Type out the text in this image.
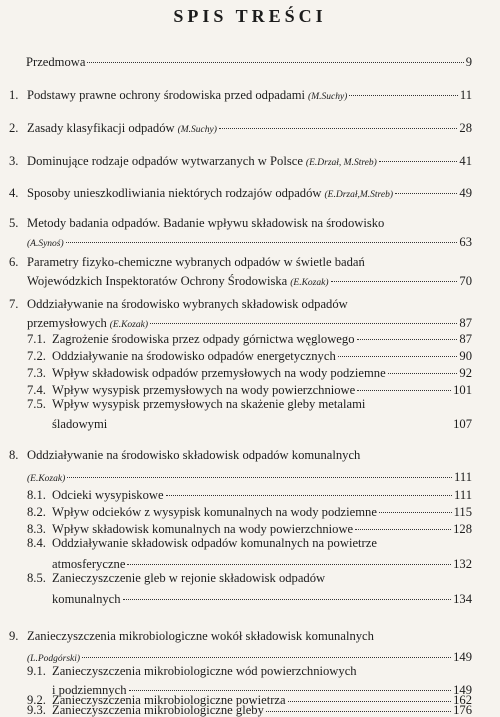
SPIS TREŚCI
Przedmowa	9
1. Podstawy prawne ochrony środowiska przed odpadami (M.Suchy)	11
2. Zasady klasyfikacji odpadów (M.Suchy)	28
3. Dominujące rodzaje odpadów wytwarzanych w Polsce (E.Drzał, M.Streb)	41
4. Sposoby unieszkodliwiania niektórych rodzajów odpadów (E.Drzał,M.Streb)	49
5. Metody badania odpadów. Badanie wpływu składowisk na środowisko
(A.Synoś)	63
6. Parametry fizyko-chemiczne wybranych odpadów w świetle badań
Wojewódzkich Inspektoratów Ochrony Środowiska (E.Kozak)	70
7. Oddziaływanie na środowisko wybranych składowisk odpadów
przemysłowych (E.Kozak)	87
7.1. Zagrożenie środowiska przez odpady górnictwa węglowego	87
7.2. Oddziaływanie na środowisko odpadów energetycznych	90
7.3. Wpływ składowisk odpadów przemysłowych na wody podziemne	92
7.4. Wpływ wysypisk przemysłowych na wody powierzchniowe	101
7.5. Wpływ wysypisk przemysłowych na skażenie gleby metalami
śladowymi	107
8. Oddziaływanie na środowisko składowisk odpadów komunalnych
(E.Kozak)	111
8.1. Odcieki wysypiskowe	111
8.2. Wpływ odcieków z wysypisk komunalnych na wody podziemne	115
8.3. Wpływ składowisk komunalnych na wody powierzchniowe	128
8.4. Oddziaływanie składowisk odpadów komunalnych na powietrze
atmosferyczne	132
8.5. Zanieczyszczenie gleb w rejonie składowisk odpadów
komunalnych	134
9. Zanieczyszczenia mikrobiologiczne wokół składowisk komunalnych
(L.Podgórski)	149
9.1. Zanieczyszczenia mikrobiologiczne wód powierzchniowych
i podziemnych	149
9.2. Zanieczyszczenia mikrobiologiczne powietrza	162
9.3. Zanieczyszczenia mikrobiologiczne gleby	176
